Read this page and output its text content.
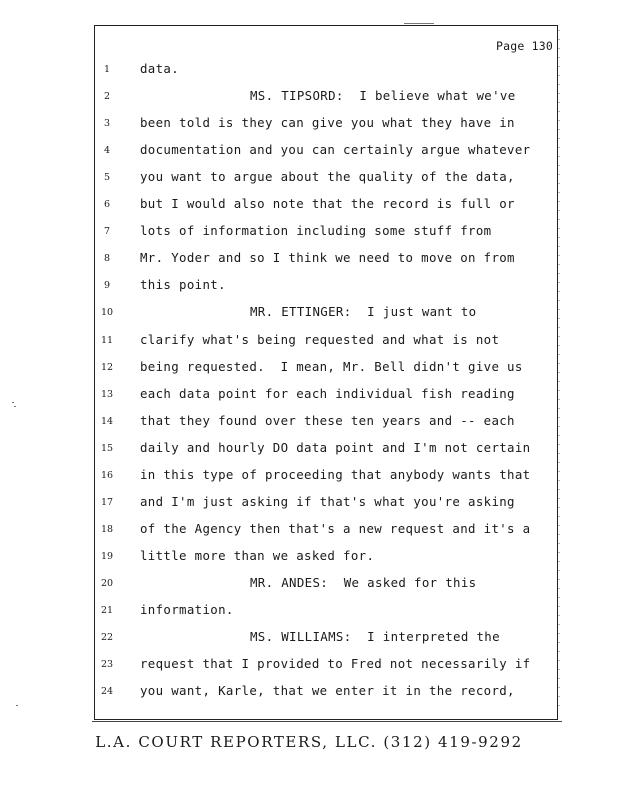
Page 130
1	data.
2	MS. TIPSORD:  I believe what we've
3	been told is they can give you what they have in
4	documentation and you can certainly argue whatever
5	you want to argue about the quality of the data,
6	but I would also note that the record is full or
7	lots of information including some stuff from
8	Mr. Yoder and so I think we need to move on from
9	this point.
10	MR. ETTINGER:  I just want to
11	clarify what's being requested and what is not
12	being requested.  I mean, Mr. Bell didn't give us
13	each data point for each individual fish reading
14	that they found over these ten years and -- each
15	daily and hourly DO data point and I'm not certain
16	in this type of proceeding that anybody wants that
17	and I'm just asking if that's what you're asking
18	of the Agency then that's a new request and it's a
19	little more than we asked for.
20	MR. ANDES:  We asked for this
21	information.
22	MS. WILLIAMS:  I interpreted the
23	request that I provided to Fred not necessarily if
24	you want, Karle, that we enter it in the record,
L.A. COURT REPORTERS, LLC. (312) 419-9292
